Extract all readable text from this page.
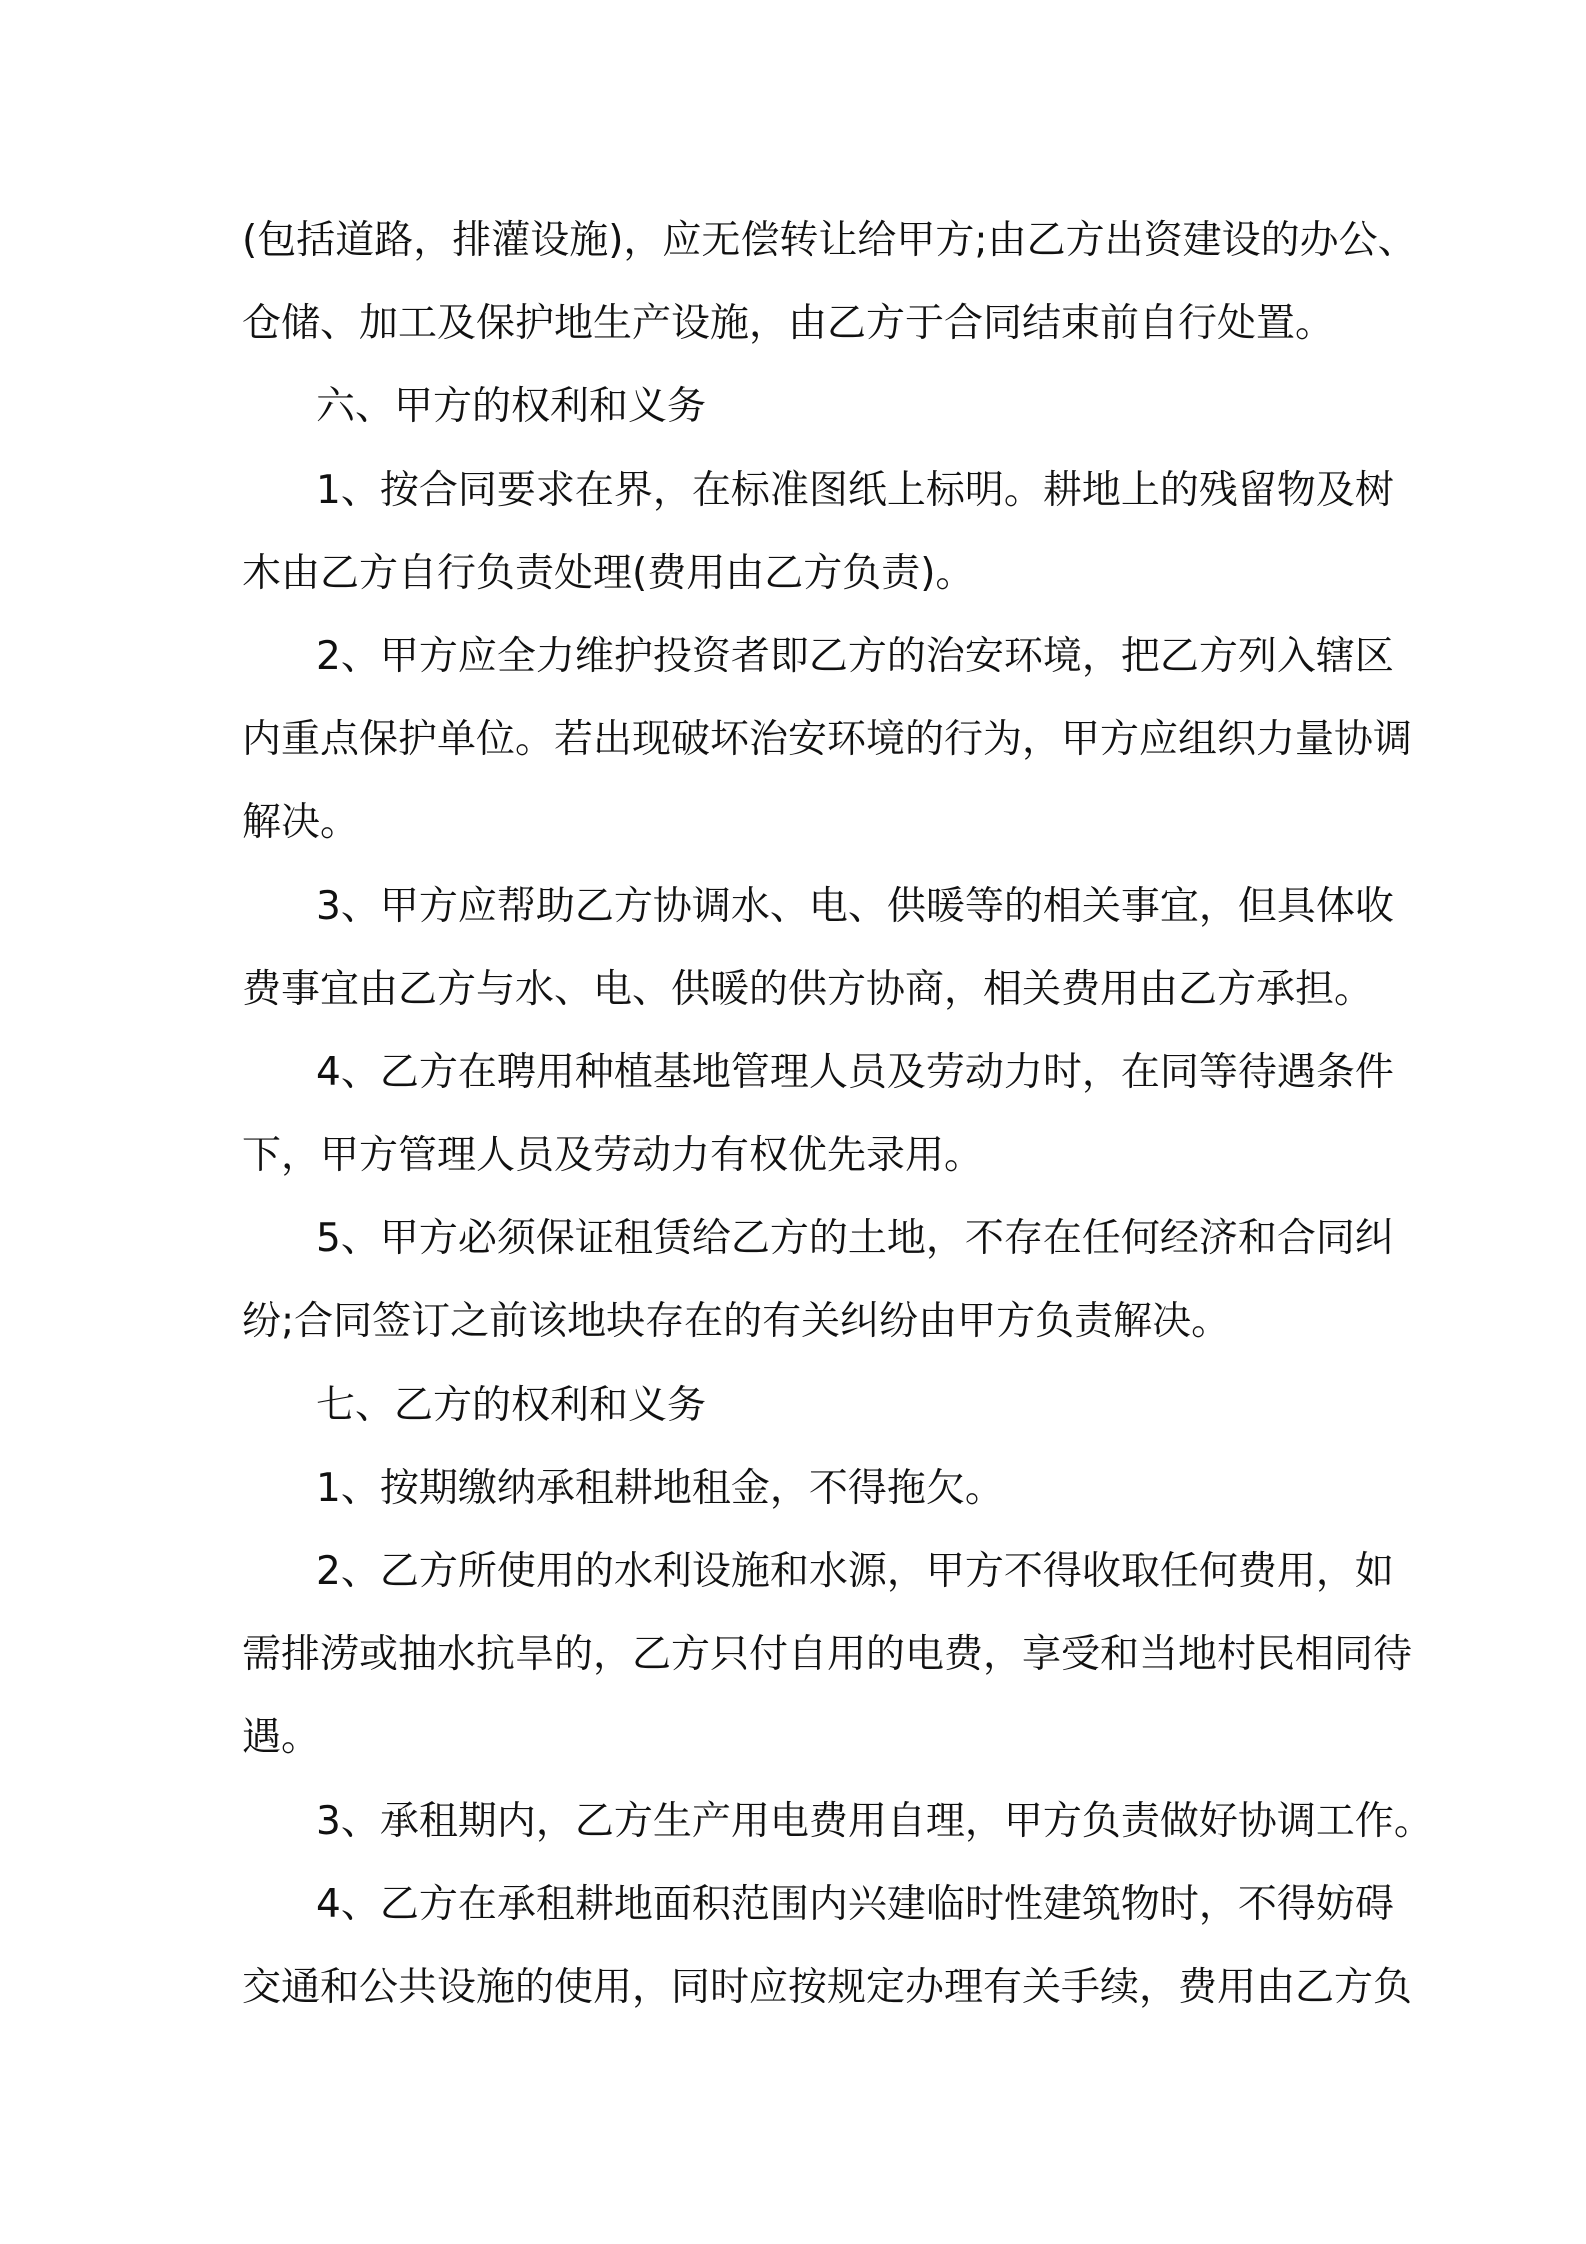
(包括道路，排灌设施)，应无偿转让给甲方;由乙方出资建设的办公、
仓储、加工及保护地生产设施，由乙方于合同结束前自行处置。
六、甲方的权利和义务
1、按合同要求在界，在标准图纸上标明。耕地上的残留物及树
木由乙方自行负责处理(费用由乙方负责)。
2、甲方应全力维护投资者即乙方的治安环境，把乙方列入辖区
内重点保护单位。若出现破坏治安环境的行为，甲方应组织力量协调
解决。
3、甲方应帮助乙方协调水、电、供暖等的相关事宜，但具体收
费事宜由乙方与水、电、供暖的供方协商，相关费用由乙方承担。
4、乙方在聘用种植基地管理人员及劳动力时，在同等待遇条件
下，甲方管理人员及劳动力有权优先录用。
5、甲方必须保证租赁给乙方的土地，不存在任何经济和合同纠
纷;合同签订之前该地块存在的有关纠纷由甲方负责解决。
七、乙方的权利和义务
1、按期缴纳承租耕地租金，不得拖欠。
2、乙方所使用的水利设施和水源，甲方不得收取任何费用，如
需排涝或抽水抗旱的，乙方只付自用的电费，享受和当地村民相同待
遇。
3、承租期内，乙方生产用电费用自理，甲方负责做好协调工作。
4、乙方在承租耕地面积范围内兴建临时性建筑物时，不得妨碍
交通和公共设施的使用，同时应按规定办理有关手续，费用由乙方负
